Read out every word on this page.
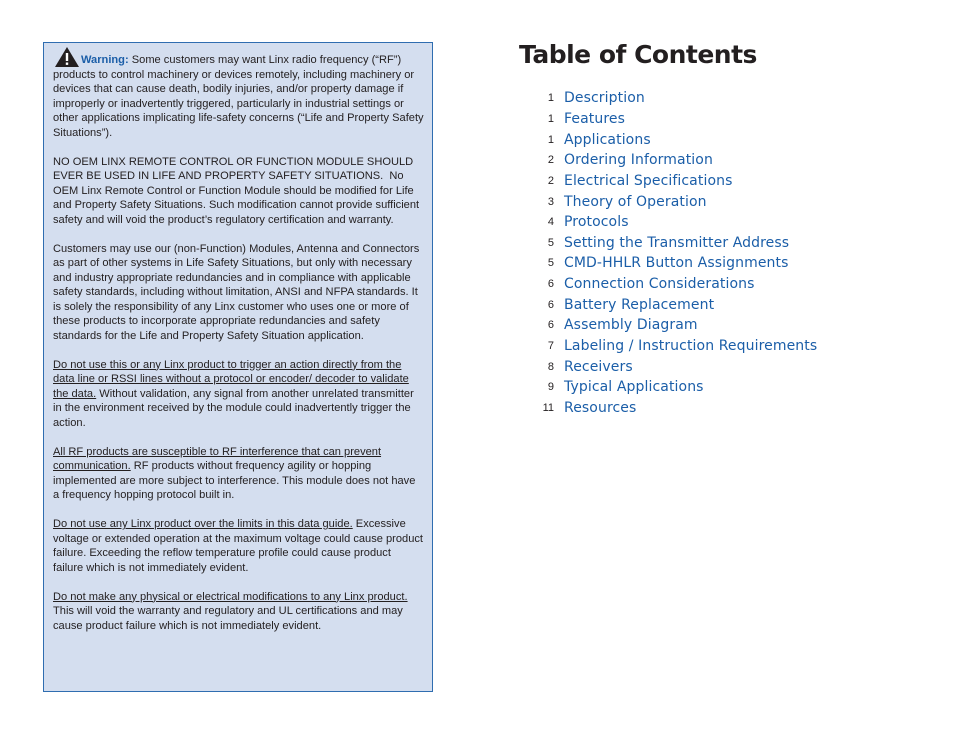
Warning: Some customers may want Linx radio frequency (“RF”) products to control machinery or devices remotely, including machinery or devices that can cause death, bodily injuries, and/or property damage if improperly or inadvertently triggered, particularly in industrial settings or other applications implicating life-safety concerns (“Life and Property Safety Situations”).

NO OEM LINX REMOTE CONTROL OR FUNCTION MODULE SHOULD EVER BE USED IN LIFE AND PROPERTY SAFETY SITUATIONS. No OEM Linx Remote Control or Function Module should be modified for Life and Property Safety Situations. Such modification cannot provide sufficient safety and will void the product’s regulatory certification and warranty.

Customers may use our (non-Function) Modules, Antenna and Connectors as part of other systems in Life Safety Situations, but only with necessary and industry appropriate redundancies and in compliance with applicable safety standards, including without limitation, ANSI and NFPA standards. It is solely the responsibility of any Linx customer who uses one or more of these products to incorporate appropriate redundancies and safety standards for the Life and Property Safety Situation application.

Do not use this or any Linx product to trigger an action directly from the data line or RSSI lines without a protocol or encoder/ decoder to validate the data. Without validation, any signal from another unrelated transmitter in the environment received by the module could inadvertently trigger the action.

All RF products are susceptible to RF interference that can prevent communication. RF products without frequency agility or hopping implemented are more subject to interference. This module does not have a frequency hopping protocol built in.

Do not use any Linx product over the limits in this data guide. Excessive voltage or extended operation at the maximum voltage could cause product failure. Exceeding the reflow temperature profile could cause product failure which is not immediately evident.

Do not make any physical or electrical modifications to any Linx product. This will void the warranty and regulatory and UL certifications and may cause product failure which is not immediately evident.

Table of Contents
1 Description
1 Features
1 Applications
2 Ordering Information
2 Electrical Specifications
3 Theory of Operation
4 Protocols
5 Setting the Transmitter Address
5 CMD-HHLR Button Assignments
6 Connection Considerations
6 Battery Replacement
6 Assembly Diagram
7 Labeling / Instruction Requirements
8 Receivers
9 Typical Applications
11 Resources
